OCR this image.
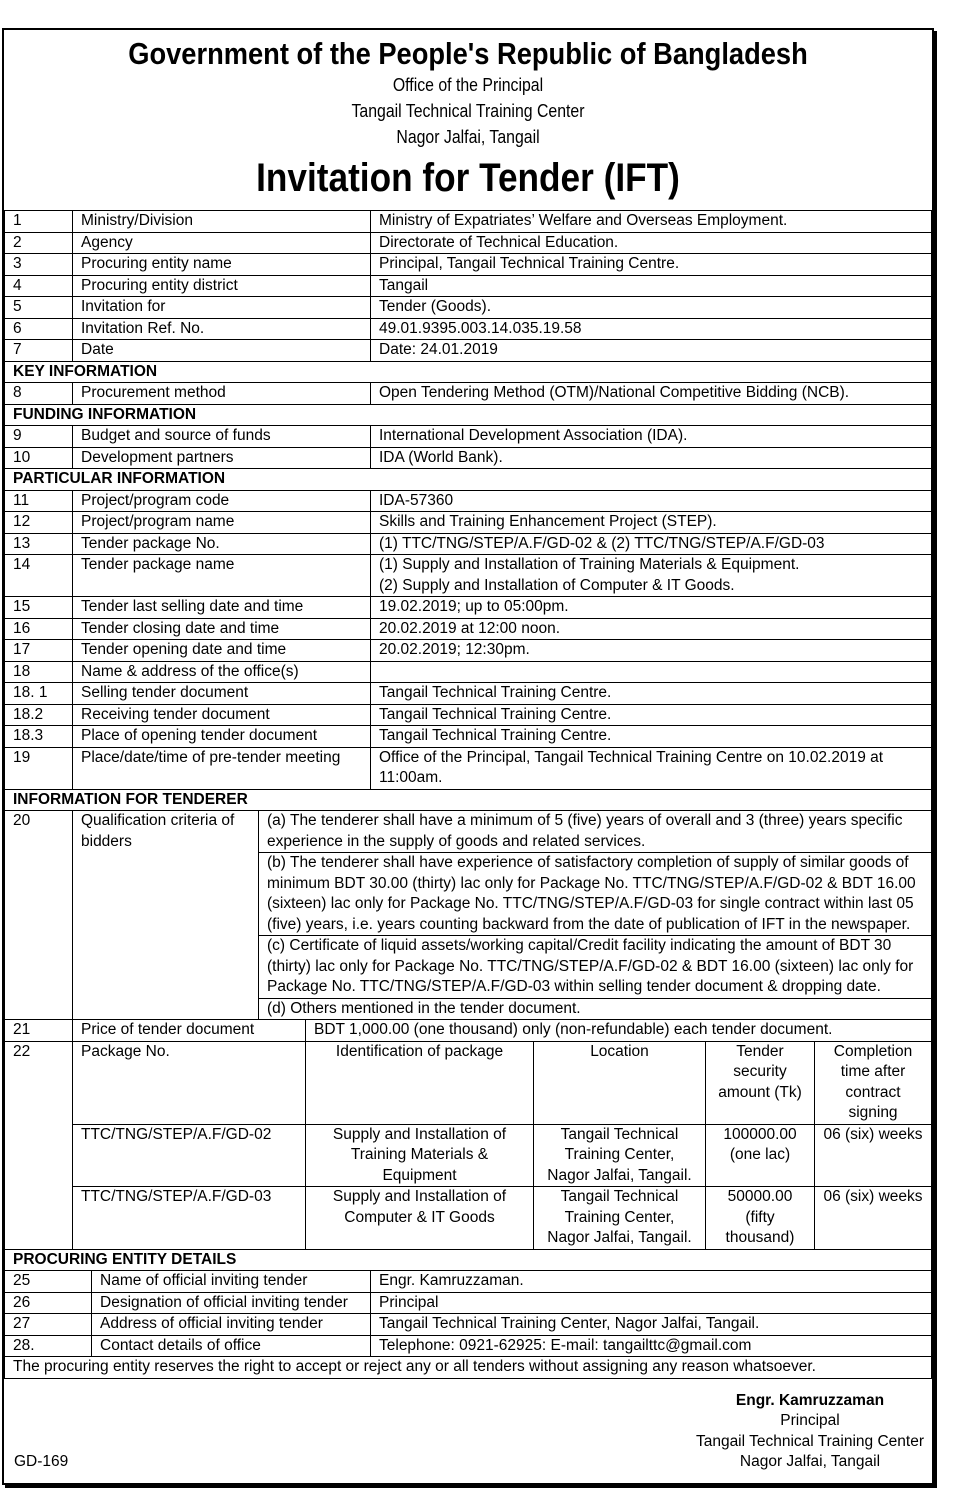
Government of the People's Republic of Bangladesh
Office of the Principal
Tangail Technical Training Center
Nagor Jalfai, Tangail
Invitation for Tender (IFT)
1	Ministry/Division	Ministry of Expatriates’ Welfare and Overseas Employment.
2	Agency	Directorate of Technical Education.
3	Procuring entity name	Principal, Tangail Technical Training Centre.
4	Procuring entity district	Tangail
5	Invitation for	Tender (Goods).
6	Invitation Ref. No.	49.01.9395.003.14.035.19.58
7	Date	Date: 24.01.2019
KEY INFORMATION		
8	Procurement method	Open Tendering Method (OTM)/National Competitive Bidding (NCB).
FUNDING INFORMATION		
9	Budget and source of funds	International Development Association (IDA).
10	Development partners	IDA (World Bank).
PARTICULAR INFORMATION		
11	Project/program code	IDA-57360
12	Project/program name	Skills and Training Enhancement Project (STEP).
13	Tender package No.	(1) TTC/TNG/STEP/A.F/GD-02 & (2) TTC/TNG/STEP/A.F/GD-03
14	Tender package name	(1) Supply and Installation of Training Materials & Equipment.
(2) Supply and Installation of Computer & IT Goods.

15	Tender last selling date and time	19.02.2019; up to 05:00pm.
16	Tender closing date and time	20.02.2019 at 12:00 noon.
17	Tender opening date and time	20.02.2019; 12:30pm.
18	Name & address of the office(s)	
18. 1	Selling tender document	Tangail Technical Training Centre.
18.2	Receiving tender document	Tangail Technical Training Centre.
18.3	Place of opening tender document	Tangail Technical Training Centre.
19	Place/date/time of pre-tender meeting	Office of the Principal, Tangail Technical Training Centre on 10.02.2019 at 11:00am.
INFORMATION FOR TENDERER		
20	Qualification criteria of bidders	(a) The tenderer shall have a minimum of 5 (five) years of overall and 3 (three) years specific experience in the supply of goods and related services.
(b) The tenderer shall have experience of satisfactory completion of supply of similar goods of minimum BDT 30.00 (thirty) lac only for Package No. TTC/TNG/STEP/A.F/GD-02 & BDT 16.00 (sixteen) lac only for Package No. TTC/TNG/STEP/A.F/GD-03 for single contract within last 05 (five) years, i.e. years counting backward from the date of publication of IFT in the newspaper.
(c) Certificate of liquid assets/working capital/Credit facility indicating the amount of BDT 30 (thirty) lac only for Package No. TTC/TNG/STEP/A.F/GD-02 & BDT 16.00 (sixteen) lac only for Package No. TTC/TNG/STEP/A.F/GD-03 within selling tender document & dropping date.
(d) Others mentioned in the tender document.
21	Price of tender document	BDT 1,000.00 (one thousand) only (non-refundable) each tender document.			
22	Package No.	Identification of package	Location	Tender security amount (Tk)	Completion time after contract signing
	TTC/TNG/STEP/A.F/GD-02	Supply and Installation of Training Materials & Equipment	Tangail Technical Training Center, Nagor Jalfai, Tangail.	100000.00 (one lac)	06 (six) weeks
	TTC/TNG/STEP/A.F/GD-03	Supply and Installation of Computer & IT Goods	Tangail Technical Training Center, Nagor Jalfai, Tangail.	50000.00 (fifty thousand)	06 (six) weeks
PROCURING ENTITY DETAILS		
25	Name of official inviting tender	Engr. Kamruzzaman.
26	Designation of official inviting tender	Principal
27	Address of official inviting tender	Tangail Technical Training Center, Nagor Jalfai, Tangail.
28.	Contact details of office	Telephone: 0921-62925: E-mail: tangailttc@gmail.com
The procuring entity reserves the right to accept or reject any or all tenders without assigning any reason whatsoever.		
Engr. Kamruzzaman
Principal
Tangail Technical Training Center
Nagor Jalfai, Tangail
GD-169
